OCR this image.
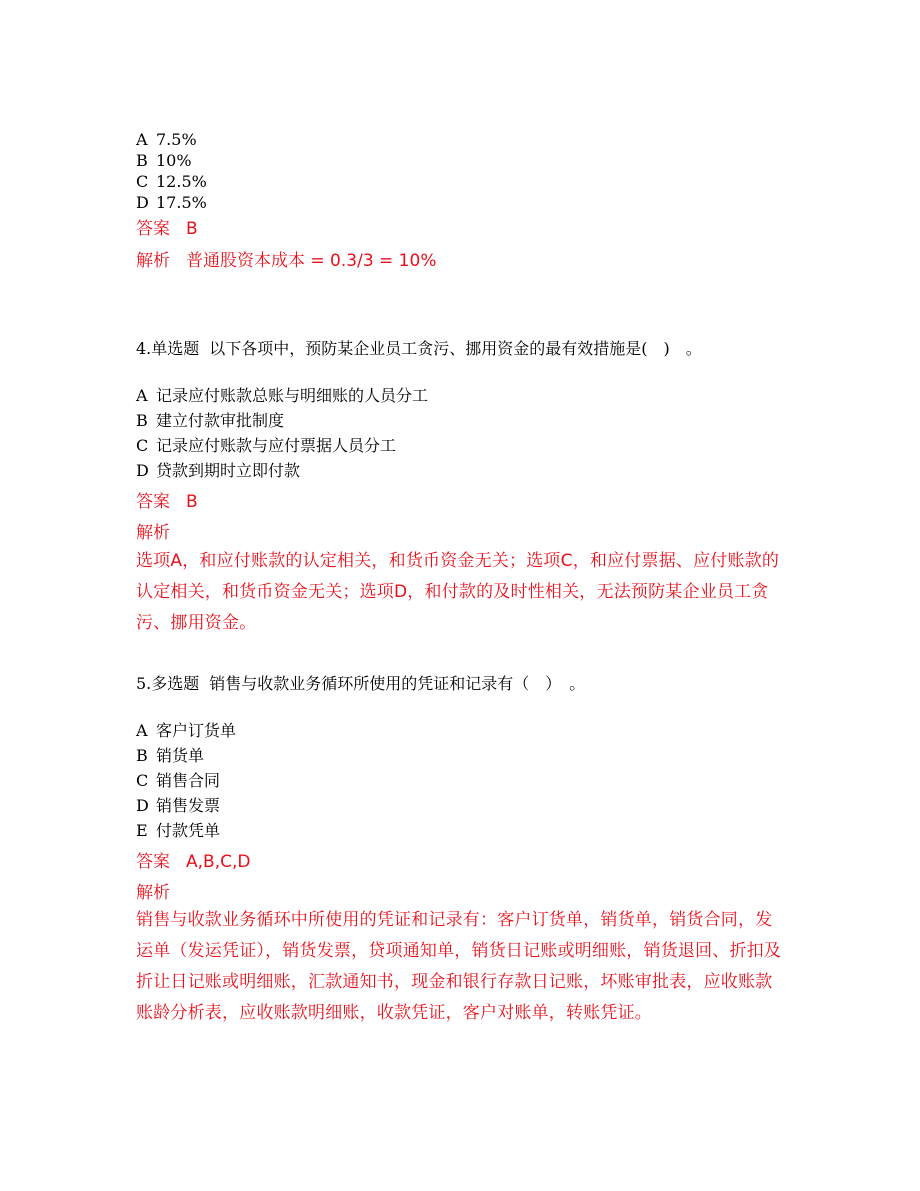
A 7.5%
B 10%
C 12.5%
D 17.5%
答案 B
解析 普通股资本成本 = 0.3/3 = 10%
4.单选题 以下各项中，预防某企业员工贪污、挪用资金的最有效措施是(　)　。
A 记录应付账款总账与明细账的人员分工
B 建立付款审批制度
C 记录应付账款与应付票据人员分工
D 贷款到期时立即付款
答案 B
解析
选项A，和应付账款的认定相关，和货币资金无关；选项C，和应付票据、应付账款的认定相关，和货币资金无关；选项D，和付款的及时性相关，无法预防某企业员工贪污、挪用资金。
5.多选题 销售与收款业务循环所使用的凭证和记录有（　）　。
A 客户订货单
B 销货单
C 销售合同
D 销售发票
E 付款凭单
答案 A,B,C,D
解析
销售与收款业务循环中所使用的凭证和记录有：客户订货单，销货单，销货合同，发运单（发运凭证），销货发票，贷项通知单，销货日记账或明细账，销货退回、折扣及折让日记账或明细账，汇款通知书，现金和银行存款日记账，坏账审批表，应收账款账龄分析表，应收账款明细账，收款凭证，客户对账单，转账凭证。
